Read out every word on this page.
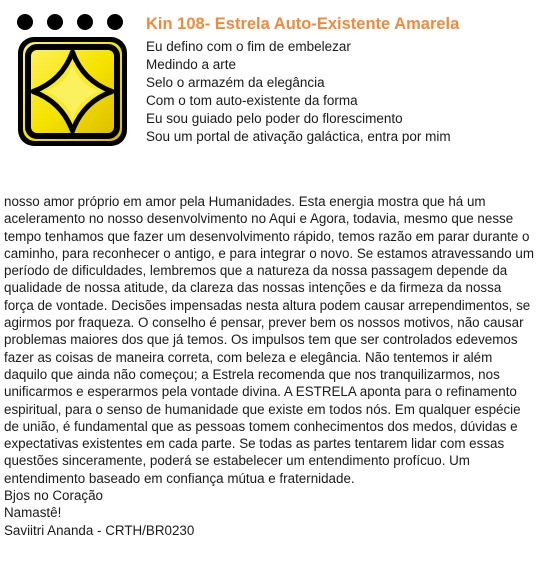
Kin 108- Estrela Auto-Existente Amarela
Eu defino com o fim de embelezar
Medindo a arte
Selo o armazém da elegância
Com o tom auto-existente da forma
Eu sou guiado pelo poder do florescimento
Sou um portal de ativação galáctica, entra por mim

nosso amor próprio em amor pela Humanidades. Esta energia mostra que há um aceleramento no nosso desenvolvimento no Aqui e Agora, todavia, mesmo que nesse tempo tenhamos que fazer um desenvolvimento rápido, temos razão em parar durante o caminho, para reconhecer o antigo, e para integrar o novo. Se estamos atravessando um período de dificuldades, lembremos que a natureza da nossa passagem depende da qualidade de nossa atitude, da clareza das nossas intenções e da firmeza da nossa força de vontade. Decisões impensadas nesta altura podem causar arrependimentos, se agirmos por fraqueza. O conselho é pensar, prever bem os nossos motivos, não causar problemas maiores dos que já temos. Os impulsos tem que ser controlados edevemos fazer as coisas de maneira correta, com beleza e elegância. Não tentemos ir além daquilo que ainda não começou; a Estrela recomenda que nos tranquilizarmos, nos unificarmos e esperarmos pela vontade divina. A ESTRELA aponta para o refinamento espiritual, para o senso de humanidade que existe em todos nós. Em qualquer espécie de união, é fundamental que as pessoas tomem conhecimentos dos medos, dúvidas e expectativas existentes em cada parte. Se todas as partes tentarem lidar com essas questões sinceramente, poderá se estabelecer um entendimento profícuo. Um entendimento baseado em confiança mútua e fraternidade.

Bjos no Coração

Namastê!

Saviitri Ananda - CRTH/BR0230
